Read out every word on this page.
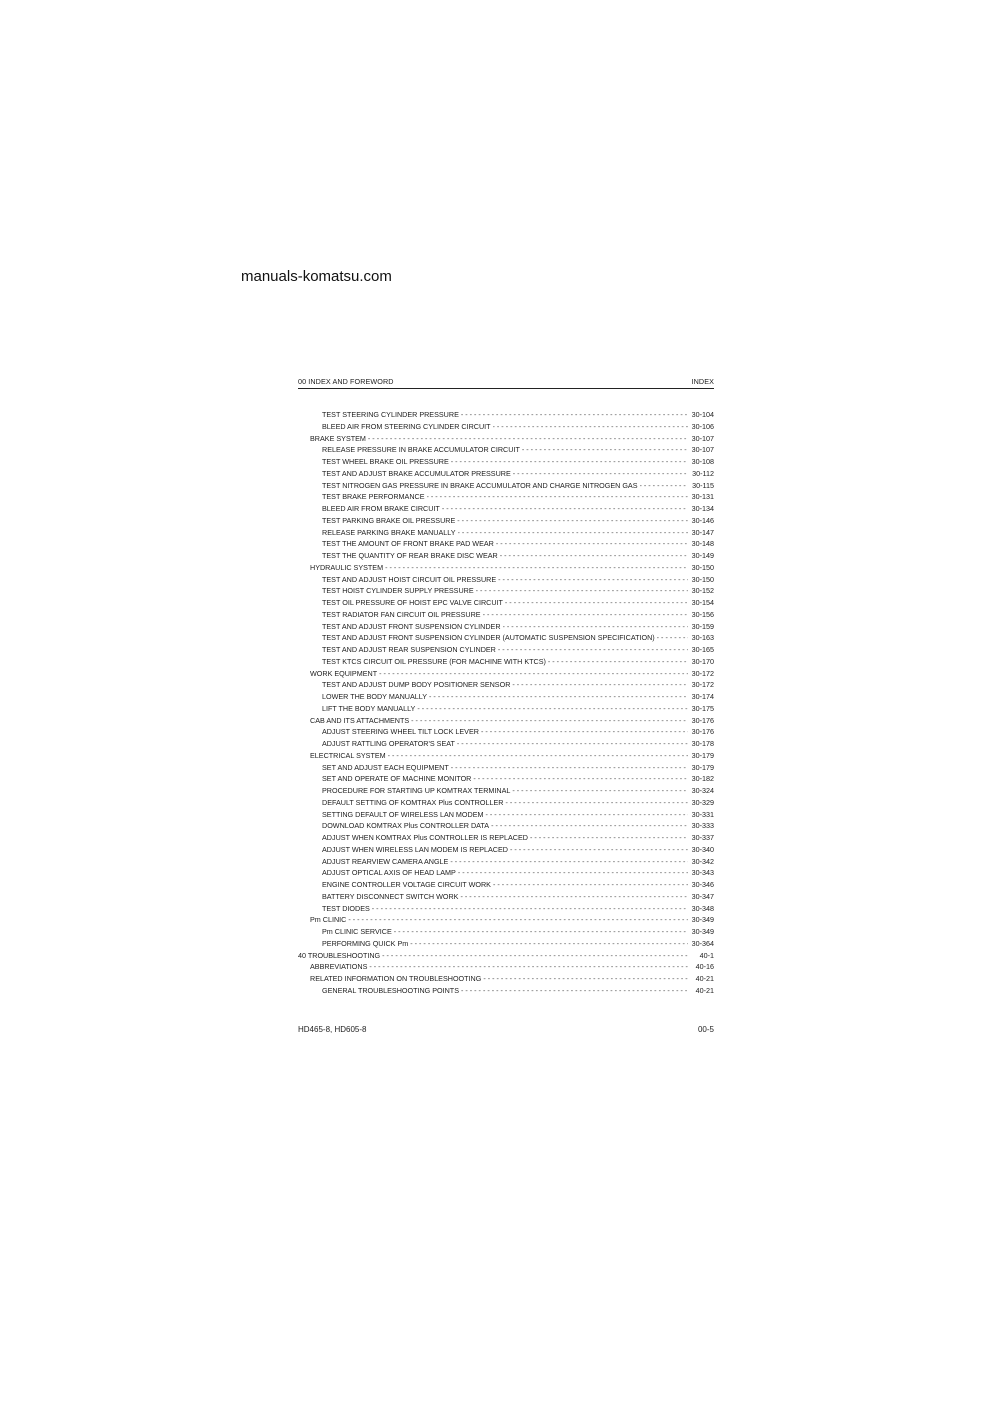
manuals-komatsu.com
00 INDEX AND FOREWORD	INDEX
TEST STEERING CYLINDER PRESSURE - - -	30-104
BLEED AIR FROM STEERING CYLINDER CIRCUIT - - -	30-106
BRAKE SYSTEM - - -	30-107
RELEASE PRESSURE IN BRAKE ACCUMULATOR CIRCUIT - - -	30-107
TEST WHEEL BRAKE OIL PRESSURE - - -	30-108
TEST AND ADJUST BRAKE ACCUMULATOR PRESSURE - - -	30-112
TEST NITROGEN GAS PRESSURE IN BRAKE ACCUMULATOR AND CHARGE NITROGEN GAS - - -	30-115
TEST BRAKE PERFORMANCE - - -	30-131
BLEED AIR FROM BRAKE CIRCUIT - - -	30-134
TEST PARKING BRAKE OIL PRESSURE - - -	30-146
RELEASE PARKING BRAKE MANUALLY - - -	30-147
TEST THE AMOUNT OF FRONT BRAKE PAD WEAR - - -	30-148
TEST THE QUANTITY OF REAR BRAKE DISC WEAR - - -	30-149
HYDRAULIC SYSTEM - - -	30-150
TEST AND ADJUST HOIST CIRCUIT OIL PRESSURE - - -	30-150
TEST HOIST CYLINDER SUPPLY PRESSURE - - -	30-152
TEST OIL PRESSURE OF HOIST EPC VALVE CIRCUIT - - -	30-154
TEST RADIATOR FAN CIRCUIT OIL PRESSURE - - -	30-156
TEST AND ADJUST FRONT SUSPENSION CYLINDER - - -	30-159
TEST AND ADJUST FRONT SUSPENSION CYLINDER (AUTOMATIC SUSPENSION SPECIFICATION) - - -	30-163
TEST AND ADJUST REAR SUSPENSION CYLINDER - - -	30-165
TEST KTCS CIRCUIT OIL PRESSURE (FOR MACHINE WITH KTCS) - - -	30-170
WORK EQUIPMENT - - -	30-172
TEST AND ADJUST DUMP BODY POSITIONER SENSOR - - -	30-172
LOWER THE BODY MANUALLY - - -	30-174
LIFT THE BODY MANUALLY - - -	30-175
CAB AND ITS ATTACHMENTS - - -	30-176
ADJUST STEERING WHEEL TILT LOCK LEVER - - -	30-176
ADJUST RATTLING OPERATOR'S SEAT - - -	30-178
ELECTRICAL SYSTEM - - -	30-179
SET AND ADJUST EACH EQUIPMENT - - -	30-179
SET AND OPERATE OF MACHINE MONITOR - - -	30-182
PROCEDURE FOR STARTING UP KOMTRAX TERMINAL - - -	30-324
DEFAULT SETTING OF KOMTRAX Plus CONTROLLER - - -	30-329
SETTING DEFAULT OF WIRELESS LAN MODEM - - -	30-331
DOWNLOAD KOMTRAX Plus CONTROLLER DATA - - -	30-333
ADJUST WHEN KOMTRAX Plus CONTROLLER IS REPLACED - - -	30-337
ADJUST WHEN WIRELESS LAN MODEM IS REPLACED - - -	30-340
ADJUST REARVIEW CAMERA ANGLE - - -	30-342
ADJUST OPTICAL AXIS OF HEAD LAMP - - -	30-343
ENGINE CONTROLLER VOLTAGE CIRCUIT WORK - - -	30-346
BATTERY DISCONNECT SWITCH WORK - - -	30-347
TEST DIODES - - -	30-348
Pm CLINIC - - -	30-349
Pm CLINIC SERVICE - - -	30-349
PERFORMING QUICK Pm - - -	30-364
40 TROUBLESHOOTING - - -	40-1
ABBREVIATIONS - - -	40-16
RELATED INFORMATION ON TROUBLESHOOTING - - -	40-21
GENERAL TROUBLESHOOTING POINTS - - -	40-21
HD465-8, HD605-8	00-5
